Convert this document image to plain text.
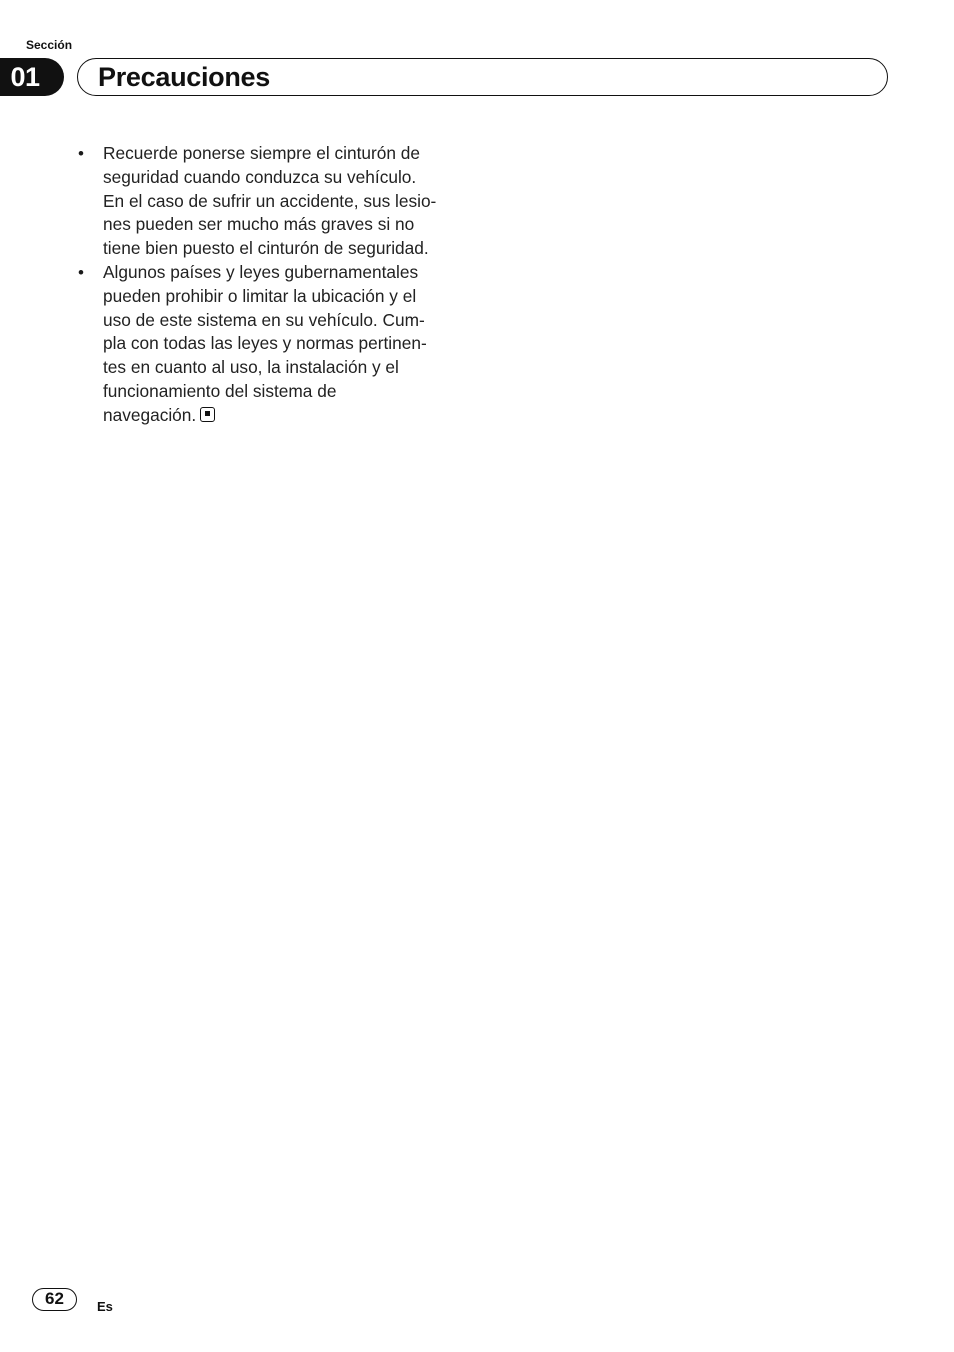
Sección
01	Precauciones
• Recuerde ponerse siempre el cinturón de
seguridad cuando conduzca su vehículo.
En el caso de sufrir un accidente, sus lesio-
nes pueden ser mucho más graves si no
tiene bien puesto el cinturón de seguridad.
• Algunos países y leyes gubernamentales
pueden prohibir o limitar la ubicación y el
uso de este sistema en su vehículo. Cum-
pla con todas las leyes y normas pertinen-
tes en cuanto al uso, la instalación y el
funcionamiento del sistema de
navegación.
62	Es
